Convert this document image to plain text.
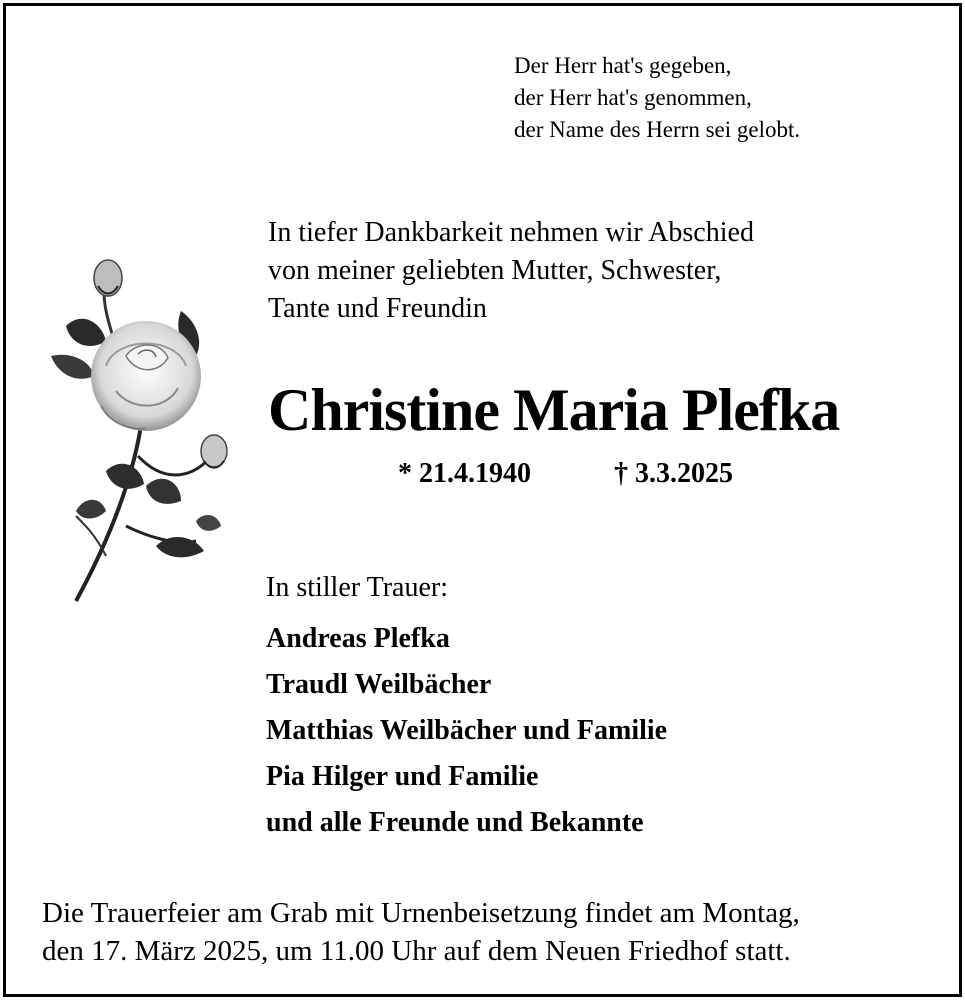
Der Herr hat's gegeben,
der Herr hat's genommen,
der Name des Herrn sei gelobt.
In tiefer Dankbarkeit nehmen wir Abschied
von meiner geliebten Mutter, Schwester,
Tante und Freundin
Christine Maria Plefka
* 21.4.1940	† 3.3.2025
In stiller Trauer:
Andreas Plefka
Traudl Weilbächer
Matthias Weilbächer und Familie
Pia Hilger und Familie
und alle Freunde und Bekannte
Die Trauerfeier am Grab mit Urnenbeisetzung findet am Montag,
den 17. März 2025, um 11.00 Uhr auf dem Neuen Friedhof statt.
